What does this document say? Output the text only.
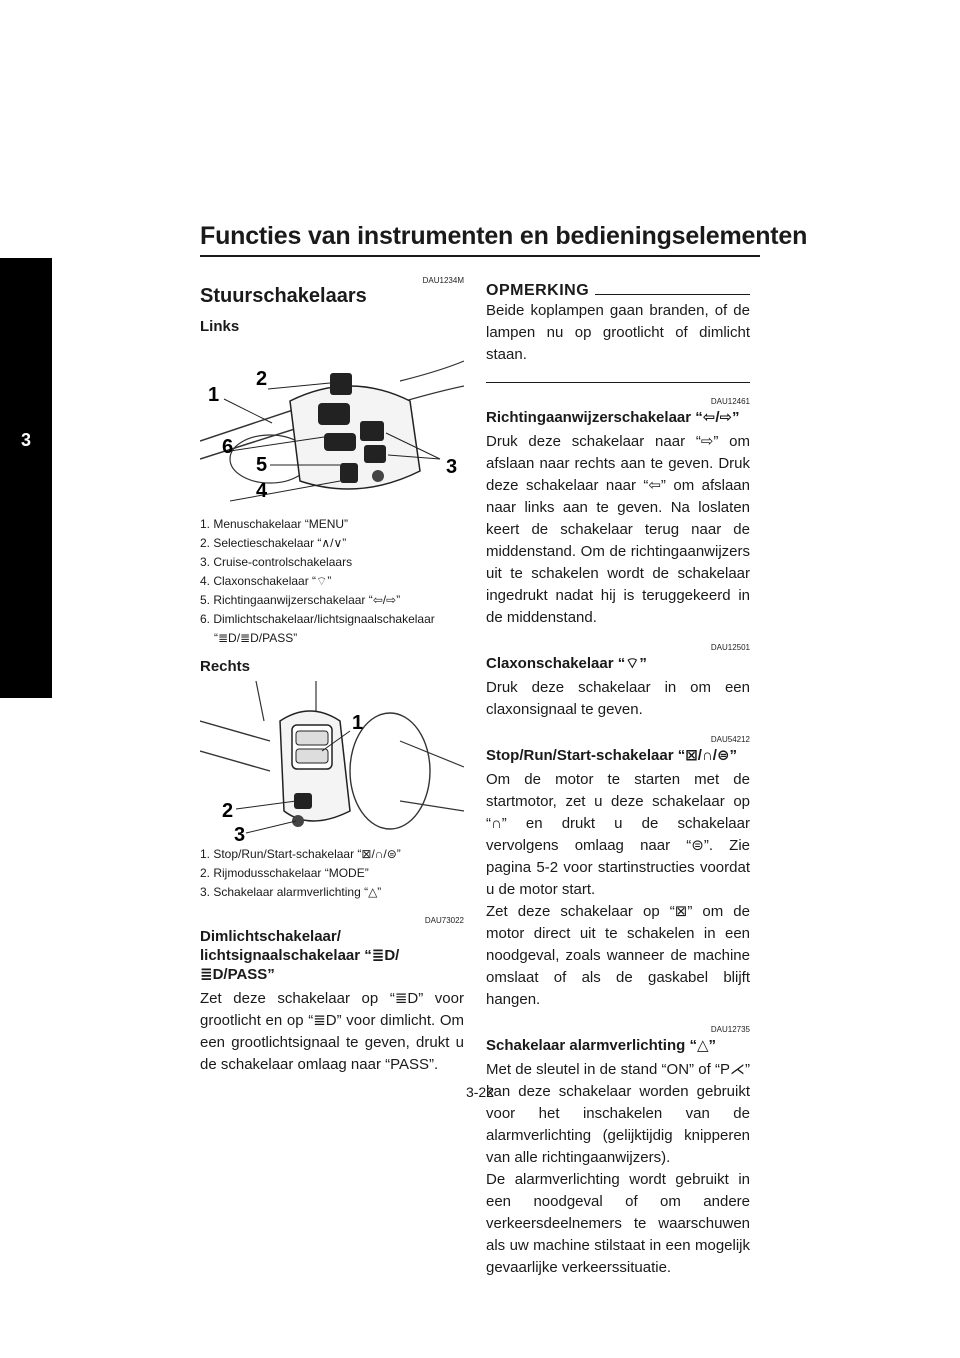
Functies van instrumenten en bedieningselementen
3
DAU1234M
Stuurschakelaars
Links
1
2
3
4
5
6
1. Menuschakelaar “MENU”
2. Selectieschakelaar “∧/∨”
3. Cruise-controlschakelaars
4. Claxonschakelaar “⌔”
5. Richtingaanwijzerschakelaar “⇦/⇨”
6. Dimlichtschakelaar/lichtsignaalschakelaar “≣D/≣D/PASS”
Rechts
1
2
3
1. Stop/Run/Start-schakelaar “⊠/∩/⊜”
2. Rijmodusschakelaar “MODE”
3. Schakelaar alarmverlichting “△”
DAU73022
Dimlichtschakelaar/ lichtsignaalschakelaar “≣D/≣D/PASS”

Zet deze schakelaar op “≣D” voor grootlicht en op “≣D” voor dimlicht. Om een grootlichtsignaal te geven, drukt u de schakelaar omlaag naar “PASS”.

OPMERKING

Beide koplampen gaan branden, of de lampen nu op grootlicht of dimlicht staan.

DAU12461
Richtingaanwijzerschakelaar “⇦/⇨”

Druk deze schakelaar naar “⇨” om afslaan naar rechts aan te geven. Druk deze schakelaar naar “⇦” om afslaan naar links aan te geven. Na loslaten keert de schakelaar terug naar de middenstand. Om de richtingaanwijzers uit te schakelen wordt de schakelaar ingedrukt nadat hij is teruggekeerd in de middenstand.

DAU12501
Claxonschakelaar “⌔”

Druk deze schakelaar in om een claxonsignaal te geven.

DAU54212
Stop/Run/Start-schakelaar “⊠/∩/⊜”

Om de motor te starten met de startmotor, zet u deze schakelaar op “∩” en drukt u de schakelaar vervolgens omlaag naar “⊜”. Zie pagina 5-2 voor startinstructies voordat u de motor start.

Zet deze schakelaar op “⊠” om de motor direct uit te schakelen in een noodgeval, zoals wanneer de machine omslaat of als de gaskabel blijft hangen.

DAU12735
Schakelaar alarmverlichting “△”

Met de sleutel in de stand “ON” of “P⋌” kan deze schakelaar worden gebruikt voor het inschakelen van de alarmverlichting (gelijktijdig knipperen van alle richtingaanwijzers).

De alarmverlichting wordt gebruikt in een noodgeval of om andere verkeersdeelnemers te waarschuwen als uw machine stilstaat in een mogelijk gevaarlijke verkeerssituatie.

3-22
